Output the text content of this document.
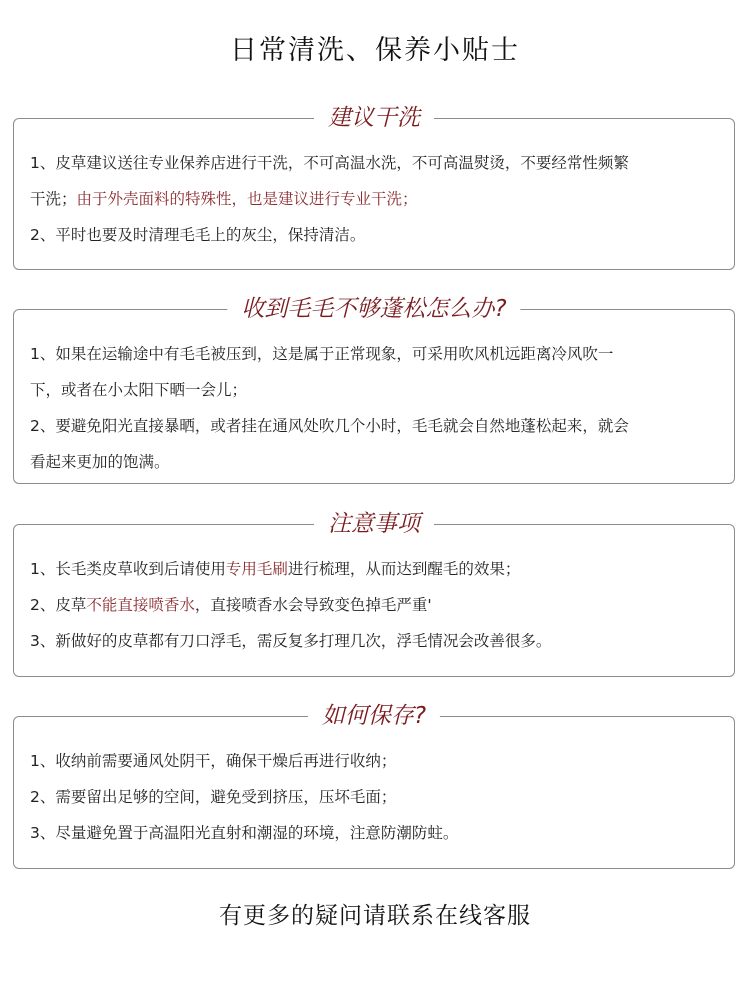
日常清洗、保养小贴士
建议干洗
1、皮草建议送往专业保养店进行干洗，不可高温水洗，不可高温熨烫，不要经常性频繁
干洗；由于外壳面料的特殊性，也是建议进行专业干洗；
2、平时也要及时清理毛毛上的灰尘，保持清洁。
收到毛毛不够蓬松怎么办?
1、如果在运输途中有毛毛被压到，这是属于正常现象，可采用吹风机远距离冷风吹一
下，或者在小太阳下晒一会儿；
2、要避免阳光直接暴晒，或者挂在通风处吹几个小时，毛毛就会自然地蓬松起来，就会
看起来更加的饱满。
注意事项
1、长毛类皮草收到后请使用专用毛刷进行梳理，从而达到醒毛的效果；
2、皮草不能直接喷香水，直接喷香水会导致变色掉毛严重'
3、新做好的皮草都有刀口浮毛，需反复多打理几次，浮毛情况会改善很多。
如何保存?
1、收纳前需要通风处阴干，确保干燥后再进行收纳；
2、需要留出足够的空间，避免受到挤压，压坏毛面；
3、尽量避免置于高温阳光直射和潮湿的环境，注意防潮防蛀。
有更多的疑问请联系在线客服
